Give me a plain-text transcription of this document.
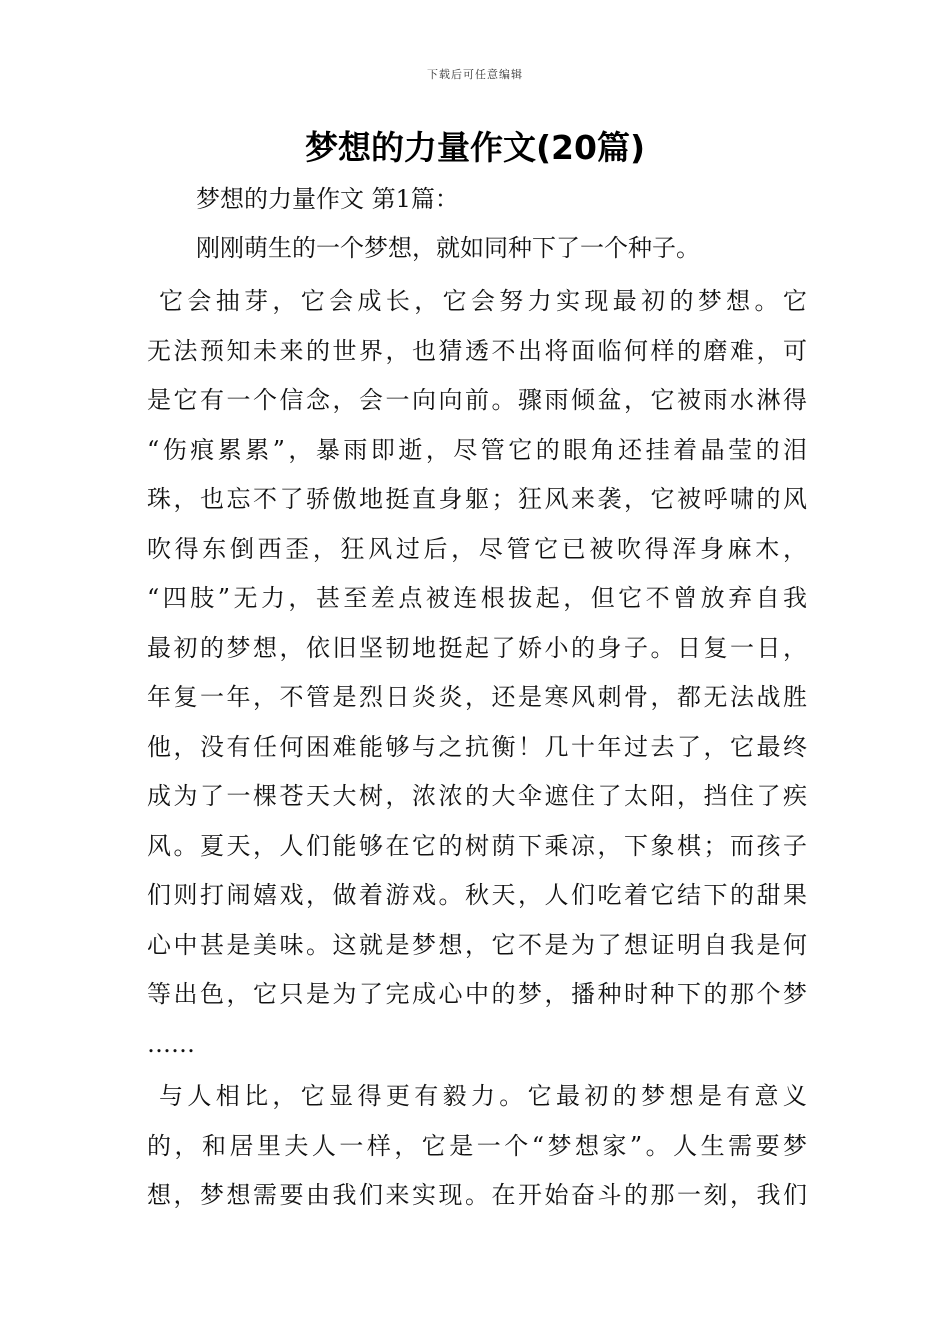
下载后可任意编辑
梦想的力量作文(20篇)
梦想的力量作文 第1篇：
刚刚萌生的一个梦想，就如同种下了一个种子。
它会抽芽，它会成长，它会努力实现最初的梦想。它
无法预知未来的世界，也猜透不出将面临何样的磨难，可
是它有一个信念，会一向向前。骤雨倾盆，它被雨水淋得
“伤痕累累”，暴雨即逝，尽管它的眼角还挂着晶莹的泪
珠，也忘不了骄傲地挺直身躯；狂风来袭，它被呼啸的风
吹得东倒西歪，狂风过后，尽管它已被吹得浑身麻木，
“四肢”无力，甚至差点被连根拔起，但它不曾放弃自我
最初的梦想，依旧坚韧地挺起了娇小的身子。日复一日，
年复一年，不管是烈日炎炎，还是寒风刺骨，都无法战胜
他，没有任何困难能够与之抗衡！几十年过去了，它最终
成为了一棵苍天大树，浓浓的大伞遮住了太阳，挡住了疾
风。夏天，人们能够在它的树荫下乘凉，下象棋；而孩子
们则打闹嬉戏，做着游戏。秋天，人们吃着它结下的甜果
心中甚是美味。这就是梦想，它不是为了想证明自我是何
等出色，它只是为了完成心中的梦，播种时种下的那个梦
……
与人相比，它显得更有毅力。它最初的梦想是有意义
的，和居里夫人一样，它是一个“梦想家”。人生需要梦
想，梦想需要由我们来实现。在开始奋斗的那一刻，我们
